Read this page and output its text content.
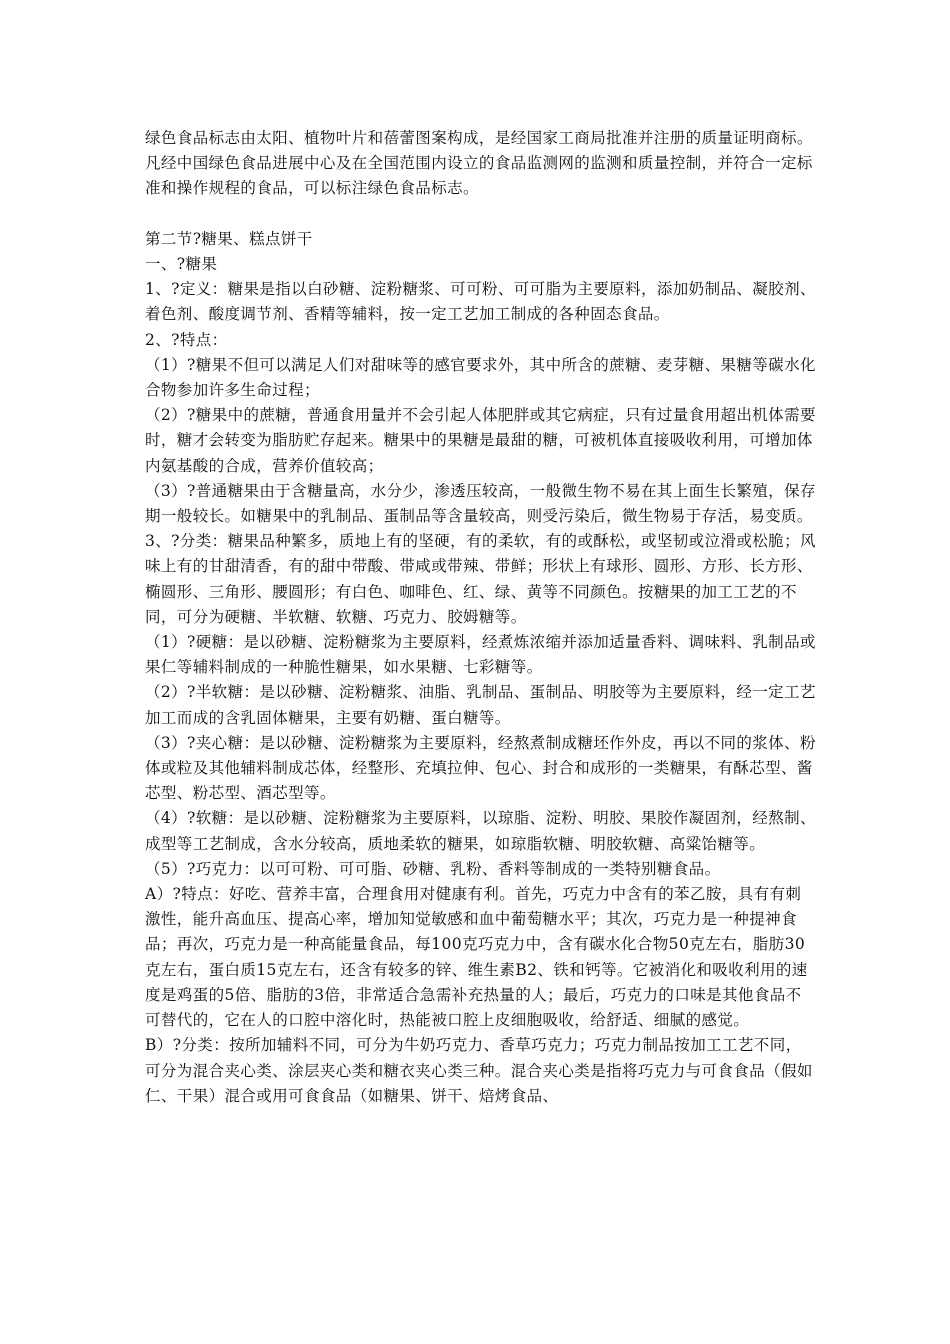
绿色食品标志由太阳、植物叶片和蓓蕾图案构成，是经国家工商局批准并注册的质量证明商标。凡经中国绿色食品进展中心及在全国范围内设立的食品监测网的监测和质量控制，并符合一定标准和操作规程的食品，可以标注绿色食品标志。

第二节?糖果、糕点饼干

一、?糖果

1、?定义：糖果是指以白砂糖、淀粉糖浆、可可粉、可可脂为主要原料，添加奶制品、凝胶剂、着色剂、酸度调节剂、香精等辅料，按一定工艺加工制成的各种固态食品。

2、?特点：

（1）?糖果不但可以满足人们对甜味等的感官要求外，其中所含的蔗糖、麦芽糖、果糖等碳水化合物参加许多生命过程；

（2）?糖果中的蔗糖，普通食用量并不会引起人体肥胖或其它病症，只有过量食用超出机体需要时，糖才会转变为脂肪贮存起来。糖果中的果糖是最甜的糖，可被机体直接吸收利用，可增加体内氨基酸的合成，营养价值较高；

（3）?普通糖果由于含糖量高，水分少，渗透压较高，一般微生物不易在其上面生长繁殖，保存期一般较长。如糖果中的乳制品、蛋制品等含量较高，则受污染后，微生物易于存活，易变质。

3、?分类：糖果品种繁多，质地上有的坚硬，有的柔软，有的或酥松，或坚韧或泣滑或松脆；风味上有的甘甜清香，有的甜中带酸、带咸或带辣、带鲜；形状上有球形、圆形、方形、长方形、椭圆形、三角形、腰圆形；有白色、咖啡色、红、绿、黄等不同颜色。按糖果的加工工艺的不同，可分为硬糖、半软糖、软糖、巧克力、胶姆糖等。

（1）?硬糖：是以砂糖、淀粉糖浆为主要原料，经煮炼浓缩并添加适量香料、调味料、乳制品或果仁等辅料制成的一种脆性糖果，如水果糖、七彩糖等。

（2）?半软糖：是以砂糖、淀粉糖浆、油脂、乳制品、蛋制品、明胶等为主要原料，经一定工艺加工而成的含乳固体糖果，主要有奶糖、蛋白糖等。

（3）?夹心糖：是以砂糖、淀粉糖浆为主要原料，经熬煮制成糖坯作外皮，再以不同的浆体、粉体或粒及其他辅料制成芯体，经整形、充填拉伸、包心、封合和成形的一类糖果，有酥芯型、酱芯型、粉芯型、酒芯型等。

（4）?软糖：是以砂糖、淀粉糖浆为主要原料，以琼脂、淀粉、明胶、果胶作凝固剂，经熬制、成型等工艺制成，含水分较高，质地柔软的糖果，如琼脂软糖、明胶软糖、高粱饴糖等。

（5）?巧克力：以可可粉、可可脂、砂糖、乳粉、香料等制成的一类特别糖食品。

A）?特点：好吃、营养丰富，合理食用对健康有利。首先，巧克力中含有的苯乙胺，具有有刺激性，能升高血压、提高心率，增加知觉敏感和血中葡萄糖水平；其次，巧克力是一种提神食品；再次，巧克力是一种高能量食品，每100克巧克力中，含有碳水化合物50克左右，脂肪30克左右，蛋白质15克左右，还含有较多的锌、维生素B2、铁和钙等。它被消化和吸收利用的速度是鸡蛋的5倍、脂肪的3倍，非常适合急需补充热量的人；最后，巧克力的口味是其他食品不可替代的，它在人的口腔中溶化时，热能被口腔上皮细胞吸收，给舒适、细腻的感觉。

B）?分类：按所加辅料不同，可分为牛奶巧克力、香草巧克力；巧克力制品按加工工艺不同，可分为混合夹心类、涂层夹心类和糖衣夹心类三种。混合夹心类是指将巧克力与可食食品（假如仁、干果）混合或用可食食品（如糖果、饼干、焙烤食品、
